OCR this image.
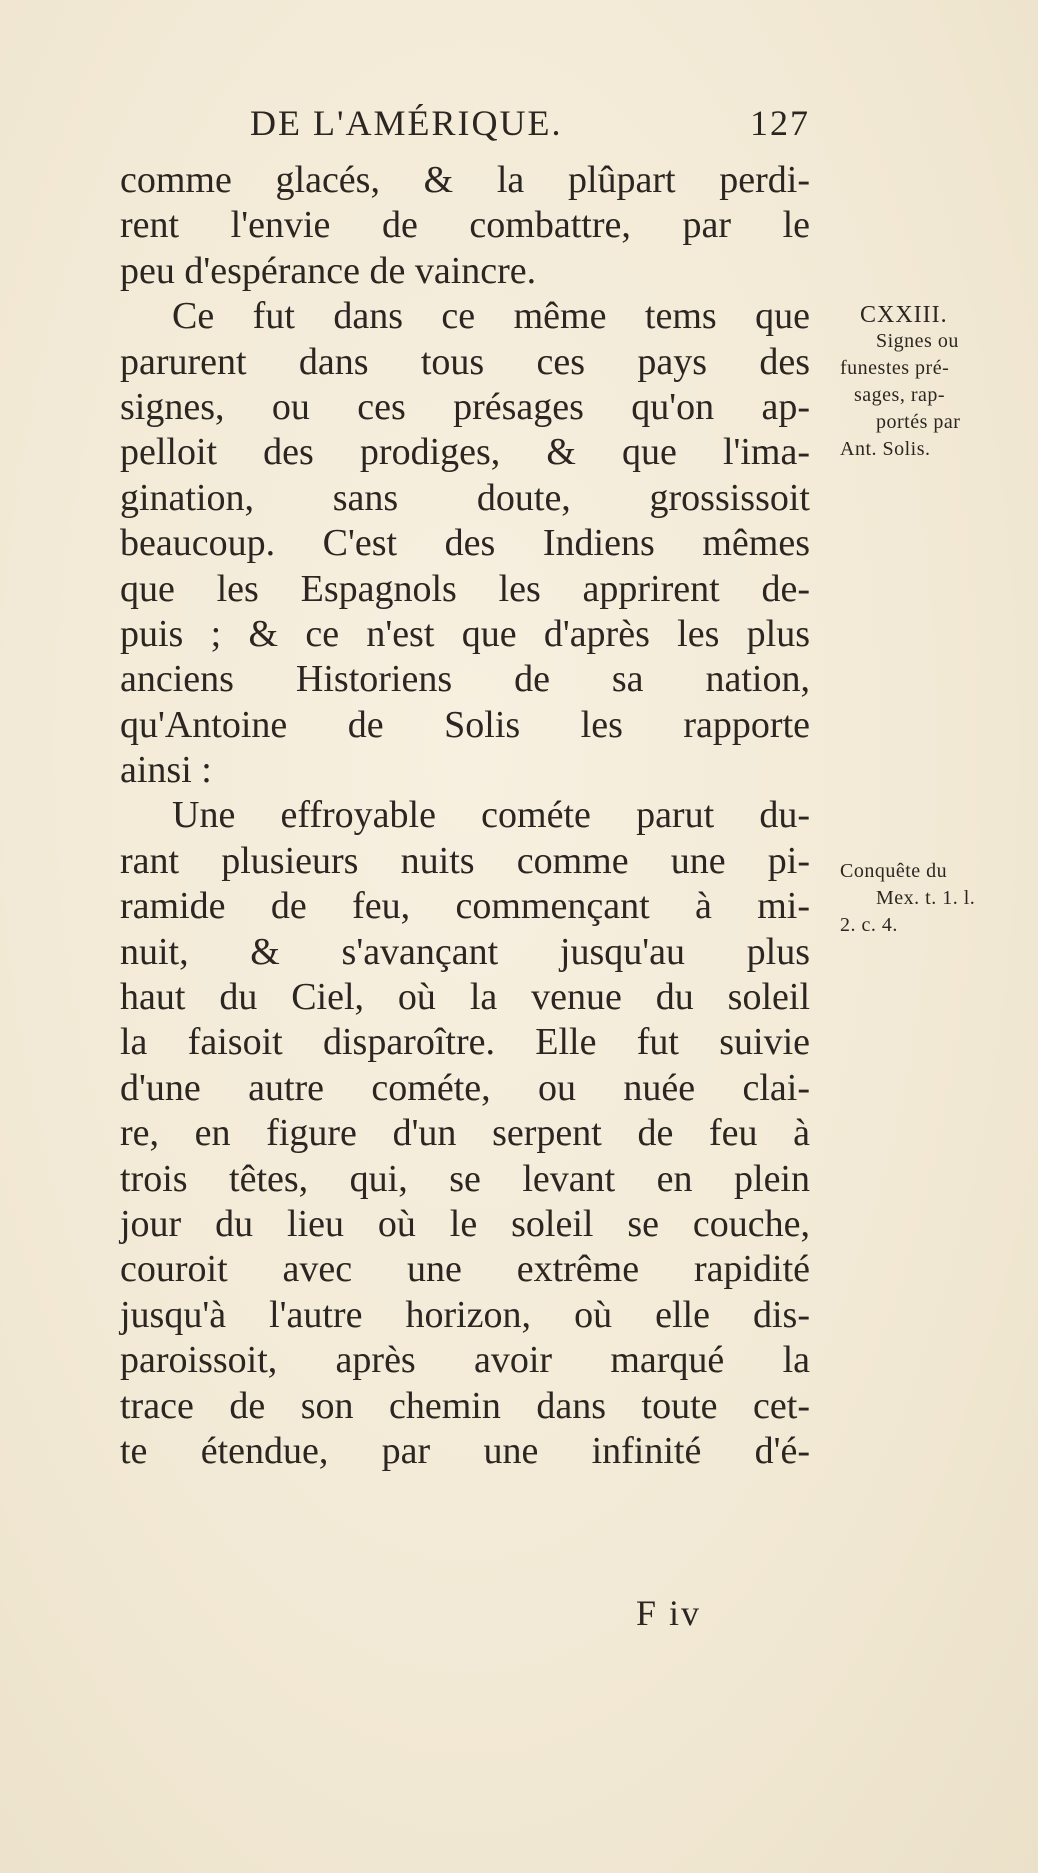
DE L'AMÉRIQUE.	127
comme glacés, & la plûpart perdi-
rent l'envie de combattre, par le
peu d'espérance de vaincre.
Ce fut dans ce même tems que
parurent dans tous ces pays des
signes, ou ces présages qu'on ap-
pelloit des prodiges, & que l'ima-
gination, sans doute, grossissoit
beaucoup. C'est des Indiens mêmes
que les Espagnols les apprirent de-
puis ; & ce n'est que d'après les plus
anciens Historiens de sa nation,
qu'Antoine de Solis les rapporte
ainsi :
Une effroyable cométe parut du-
rant plusieurs nuits comme une pi-
ramide de feu, commençant à mi-
nuit, & s'avançant jusqu'au plus
haut du Ciel, où la venue du soleil
la faisoit disparoître. Elle fut suivie
d'une autre cométe, ou nuée clai-
re, en figure d'un serpent de feu à
trois têtes, qui, se levant en plein
jour du lieu où le soleil se couche,
couroit avec une extrême rapidité
jusqu'à l'autre horizon, où elle dis-
paroissoit, après avoir marqué la
trace de son chemin dans toute cet-
te étendue, par une infinité d'é-
CXXIII.
Signes ou
funestes pré-
sages, rap-
portés par
Ant. Solis.
Conquête du
Mex. t. 1. l.
2. c. 4.
F iv
